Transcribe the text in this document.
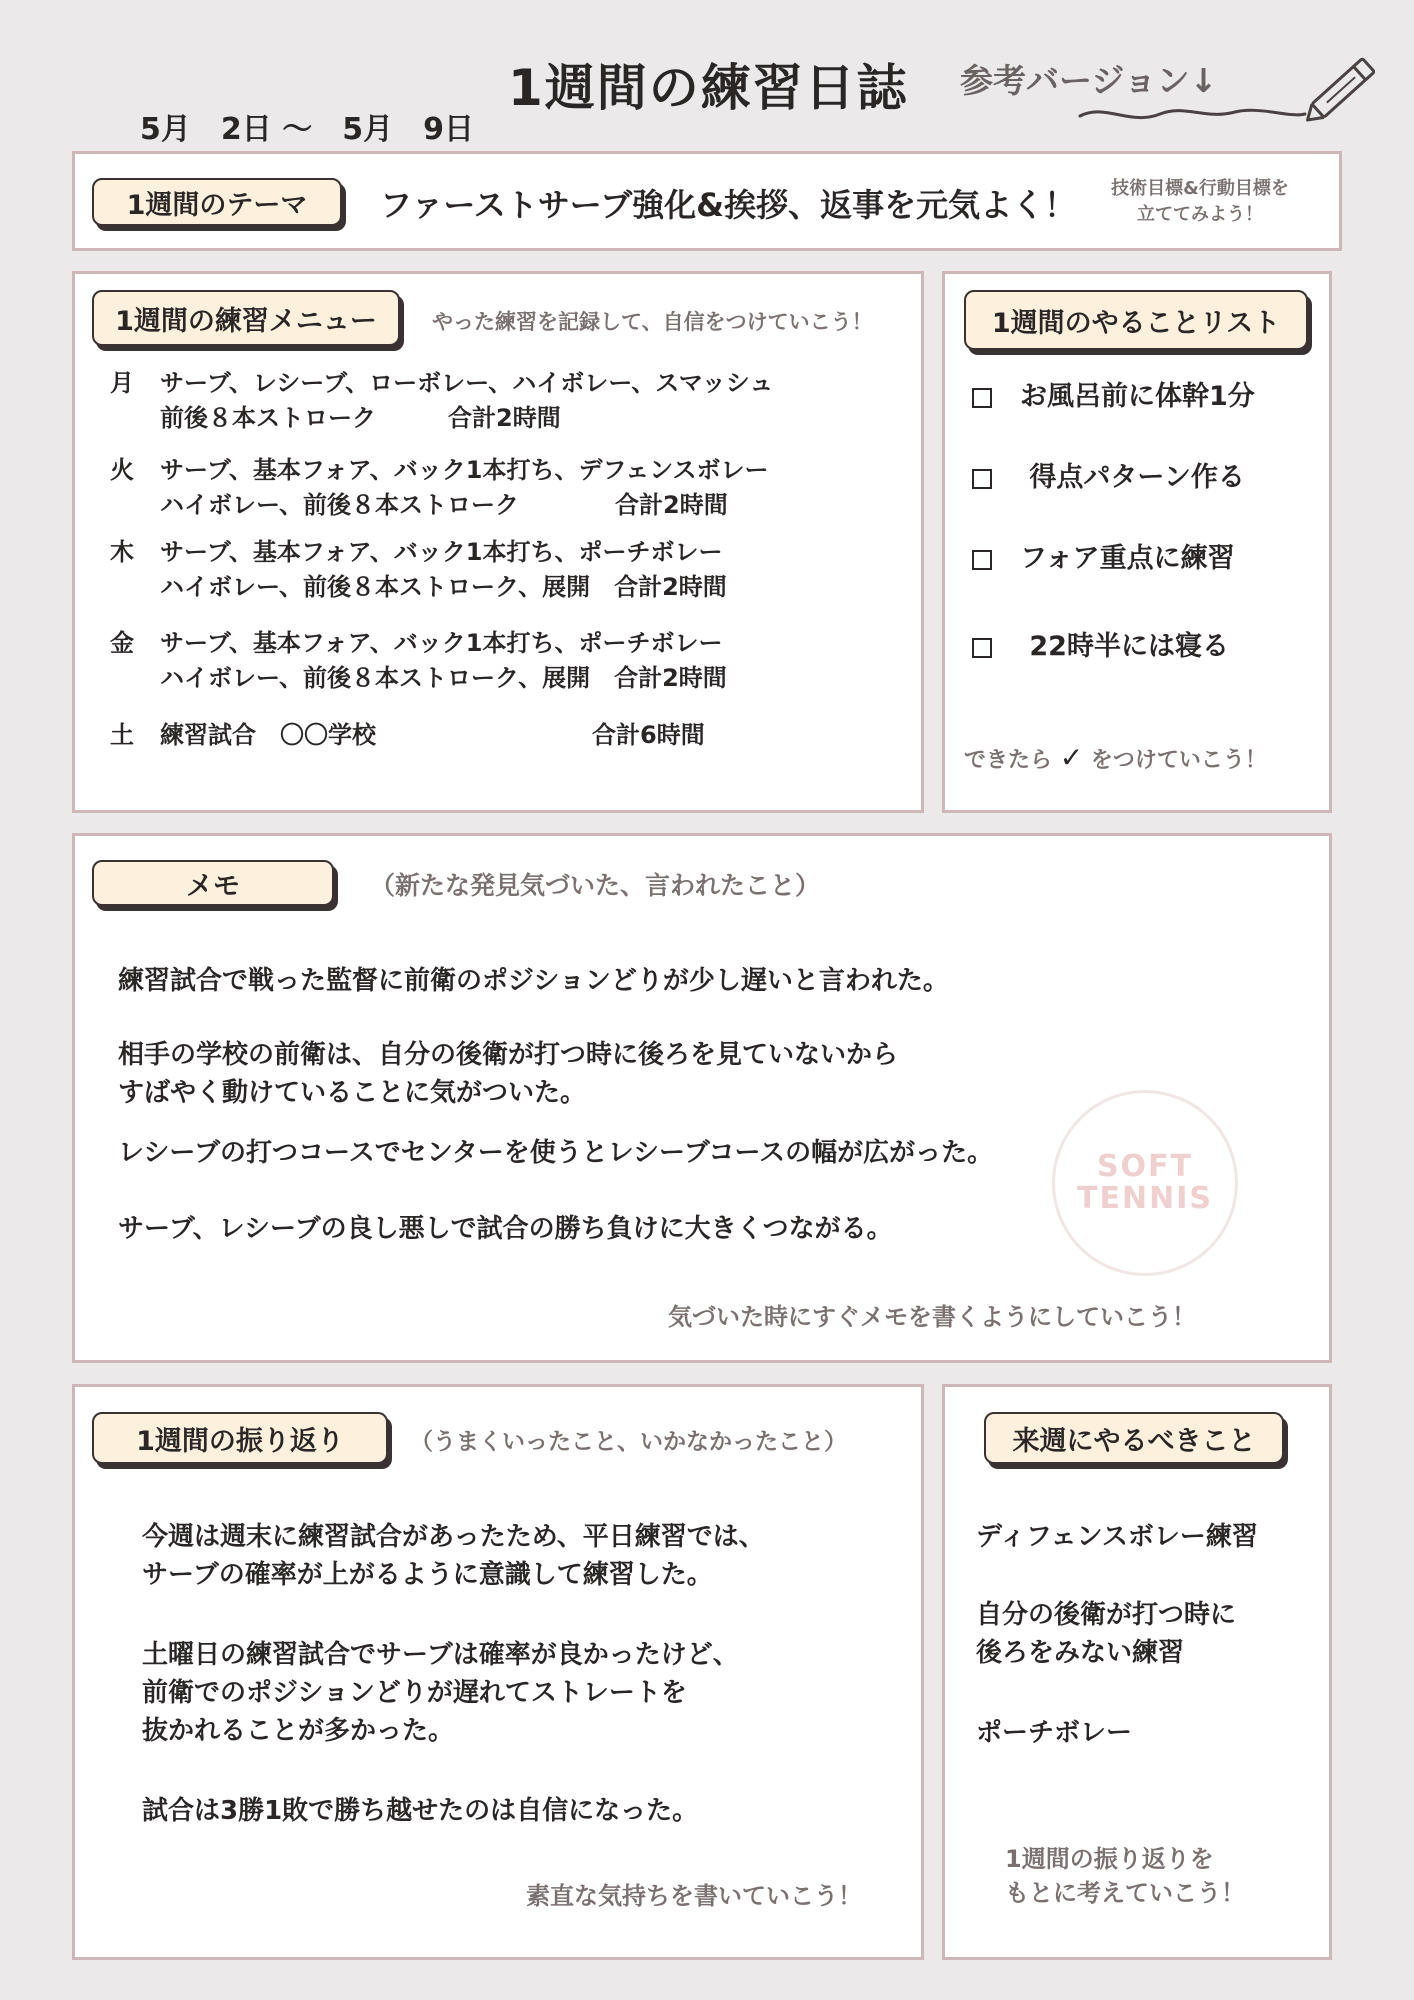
1週間の練習日誌 参考バージョン↓
5月　2日 〜　5月　9日
1週間のテーマ	ファーストサーブ強化&挨拶、返事を元気よく！	技術目標&行動目標を
立ててみよう！
1週間の練習メニュー	やった練習を記録して、自信をつけていこう！
月 サーブ、レシーブ、ローボレー、ハイボレー、スマッシュ
前後８本ストローク　　　合計2時間
火 サーブ、基本フォア、バック1本打ち、デフェンスボレー
ハイボレー、前後８本ストローク　　　　合計2時間
木 サーブ、基本フォア、バック1本打ち、ポーチボレー
ハイボレー、前後８本ストローク、展開　合計2時間
金 サーブ、基本フォア、バック1本打ち、ポーチボレー
ハイボレー、前後８本ストローク、展開　合計2時間
土 練習試合　〇〇学校　　　　　　　　　合計6時間
1週間のやることリスト
お風呂前に体幹1分
得点パターン作る
フォア重点に練習
22時半には寝る
できたら ✓ をつけていこう！
メモ	（新たな発見気づいた、言われたこと）
練習試合で戦った監督に前衛のポジションどりが少し遅いと言われた。
相手の学校の前衛は、自分の後衛が打つ時に後ろを見ていないから
すばやく動けていることに気がついた。
レシーブの打つコースでセンターを使うとレシーブコースの幅が広がった。
サーブ、レシーブの良し悪しで試合の勝ち負けに大きくつながる。
SOFT
TENNIS
気づいた時にすぐメモを書くようにしていこう！
1週間の振り返り	（うまくいったこと、いかなかったこと）
今週は週末に練習試合があったため、平日練習では、
サーブの確率が上がるように意識して練習した。
土曜日の練習試合でサーブは確率が良かったけど、
前衛でのポジションどりが遅れてストレートを
抜かれることが多かった。
試合は3勝1敗で勝ち越せたのは自信になった。
素直な気持ちを書いていこう！
来週にやるべきこと
ディフェンスボレー練習
自分の後衛が打つ時に
後ろをみない練習
ポーチボレー
1週間の振り返りを
もとに考えていこう！
